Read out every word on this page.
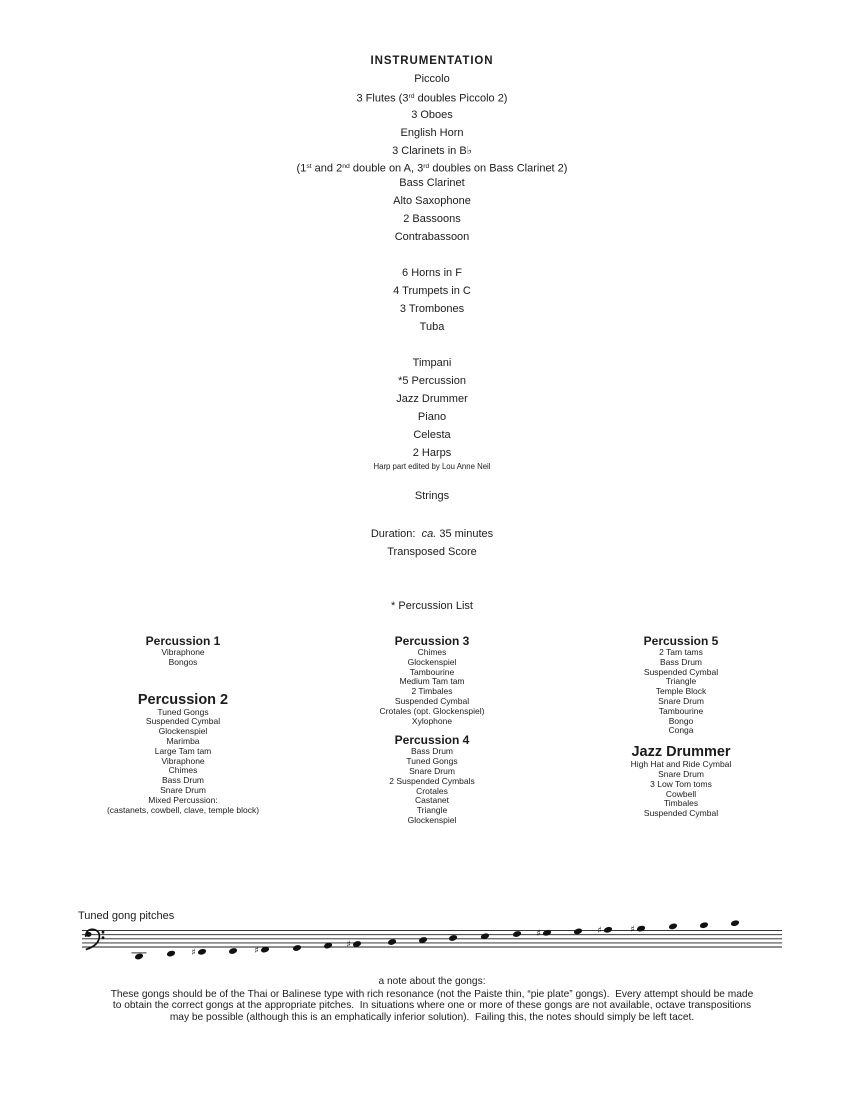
INSTRUMENTATION
Piccolo
3 Flutes (3rd doubles Piccolo 2)
3 Oboes
English Horn
3 Clarinets in B♭
(1st and 2nd double on A, 3rd doubles on Bass Clarinet 2)
Bass Clarinet
Alto Saxophone
2 Bassoons
Contrabassoon
6 Horns in F
4 Trumpets in C
3 Trombones
Tuba
Timpani
*5 Percussion
Jazz Drummer
Piano
Celesta
2 Harps
Harp part edited by Lou Anne Neil
Strings
Duration:  ca. 35 minutes
Transposed Score
* Percussion List
Percussion 1
Vibraphone
Bongos
Percussion 2
Tuned Gongs
Suspended Cymbal
Glockenspiel
Marimba
Large Tam tam
Vibraphone
Chimes
Bass Drum
Snare Drum
Mixed Percussion:
(castanets, cowbell, clave, temple block)
Percussion 3
Chimes
Glockenspiel
Tambourine
Medium Tam tam
2 Timbales
Suspended Cymbal
Crotales (opt. Glockenspiel)
Xylophone
Percussion 4
Bass Drum
Tuned Gongs
Snare Drum
2 Suspended Cymbals
Crotales
Castanet
Triangle
Glockenspiel
Percussion 5
2 Tam tams
Bass Drum
Suspended Cymbal
Triangle
Temple Block
Snare Drum
Tambourine
Bongo
Conga
Jazz Drummer
High Hat and Ride Cymbal
Snare Drum
3 Low Tom toms
Cowbell
Timbales
Suspended Cymbal
Tuned gong pitches
♯	♯
♯
♯	♯	♯
a note about the gongs:
These gongs should be of the Thai or Balinese type with rich resonance (not the Paiste thin, “pie plate” gongs).  Every attempt should be made
to obtain the correct gongs at the appropriate pitches.  In situations where one or more of these gongs are not available, octave transpositions
may be possible (although this is an emphatically inferior solution).  Failing this, the notes should simply be left tacet.
